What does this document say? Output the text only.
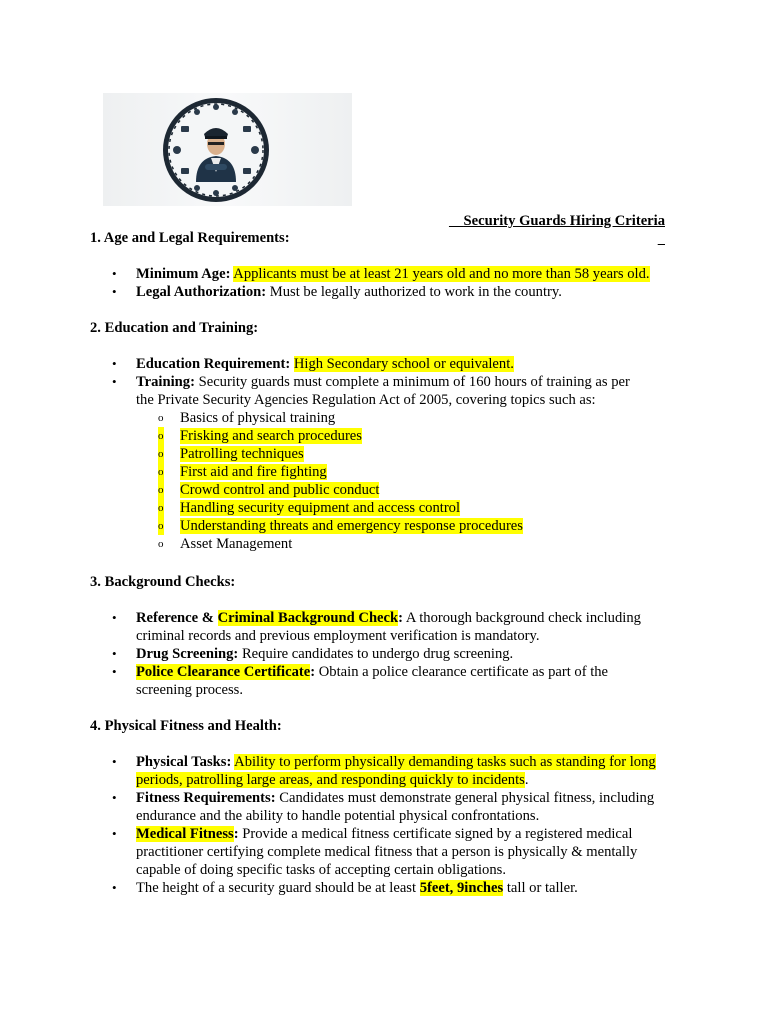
Security Guards Hiring Criteria

1. Age and Legal Requirements:

• Minimum Age: Applicants must be at least 21 years old and no more than 58 years old.
• Legal Authorization: Must be legally authorized to work in the country.

2. Education and Training:

• Education Requirement: High Secondary school or equivalent.
• Training: Security guards must complete a minimum of 160 hours of training as per the Private Security Agencies Regulation Act of 2005, covering topics such as:
o Basics of physical training
o Frisking and search procedures
o Patrolling techniques
o First aid and fire fighting
o Crowd control and public conduct
o Handling security equipment and access control
o Understanding threats and emergency response procedures
o Asset Management

3. Background Checks:

• Reference & Criminal Background Check: A thorough background check including criminal records and previous employment verification is mandatory.
• Drug Screening: Require candidates to undergo drug screening.
• Police Clearance Certificate: Obtain a police clearance certificate as part of the screening process.

4. Physical Fitness and Health:

• Physical Tasks: Ability to perform physically demanding tasks such as standing for long periods, patrolling large areas, and responding quickly to incidents.
• Fitness Requirements: Candidates must demonstrate general physical fitness, including endurance and the ability to handle potential physical confrontations.
• Medical Fitness: Provide a medical fitness certificate signed by a registered medical practitioner certifying complete medical fitness that a person is physically & mentally capable of doing specific tasks of accepting certain obligations.
• The height of a security guard should be at least 5feet, 9inches tall or taller.
